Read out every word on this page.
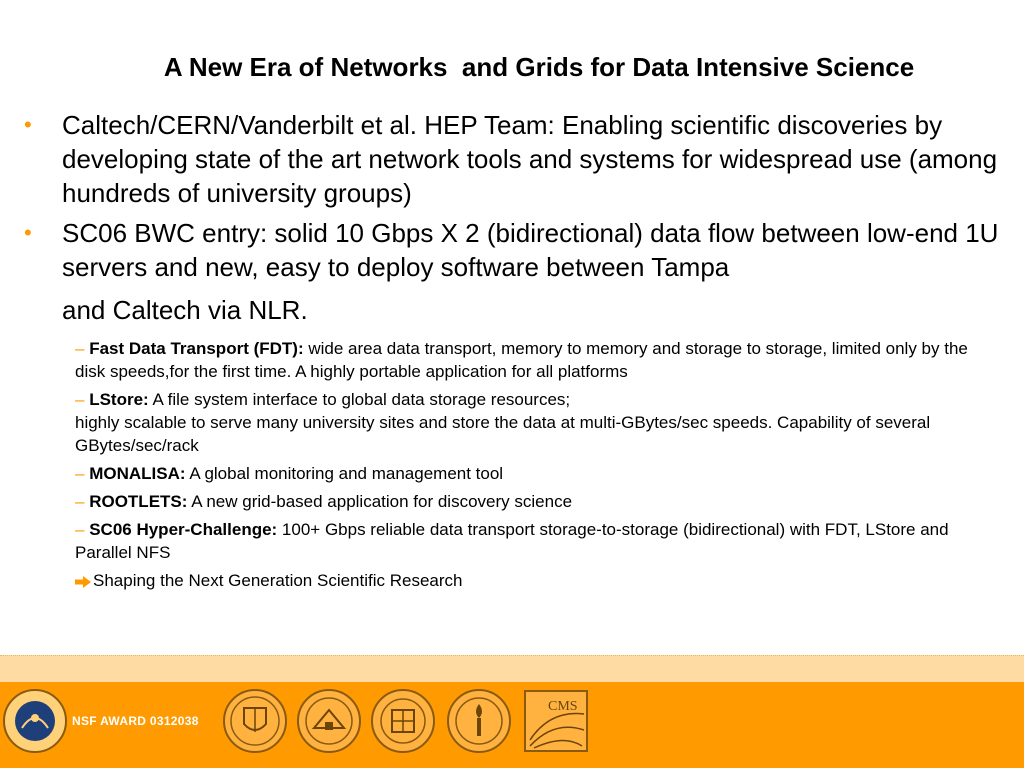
A New Era of Networks  and Grids for Data Intensive Science
• Caltech/CERN/Vanderbilt et al. HEP Team: Enabling scientific discoveries by developing state of the art network tools and systems for widespread use (among hundreds of university groups)
• SC06 BWC entry: solid 10 Gbps X 2 (bidirectional) data flow between low-end 1U servers and new, easy to deploy software between Tampa
and Caltech via NLR.
– Fast Data Transport (FDT): wide area data transport, memory to memory and storage to storage, limited only by the disk speeds,for the first time. A highly portable application for all platforms
– LStore: A file system interface to global data storage resources;
highly scalable to serve many university sites and store the data at multi-GBytes/sec speeds. Capability of several GBytes/sec/rack
– MONALISA: A global monitoring and management tool
– ROOTLETS: A new grid-based application for discovery science
– SC06 Hyper-Challenge: 100+ Gbps reliable data transport storage-to-storage (bidirectional) with FDT, LStore and Parallel NFS
Shaping the Next Generation Scientific Research
NSF AWARD 0312038
CMS
